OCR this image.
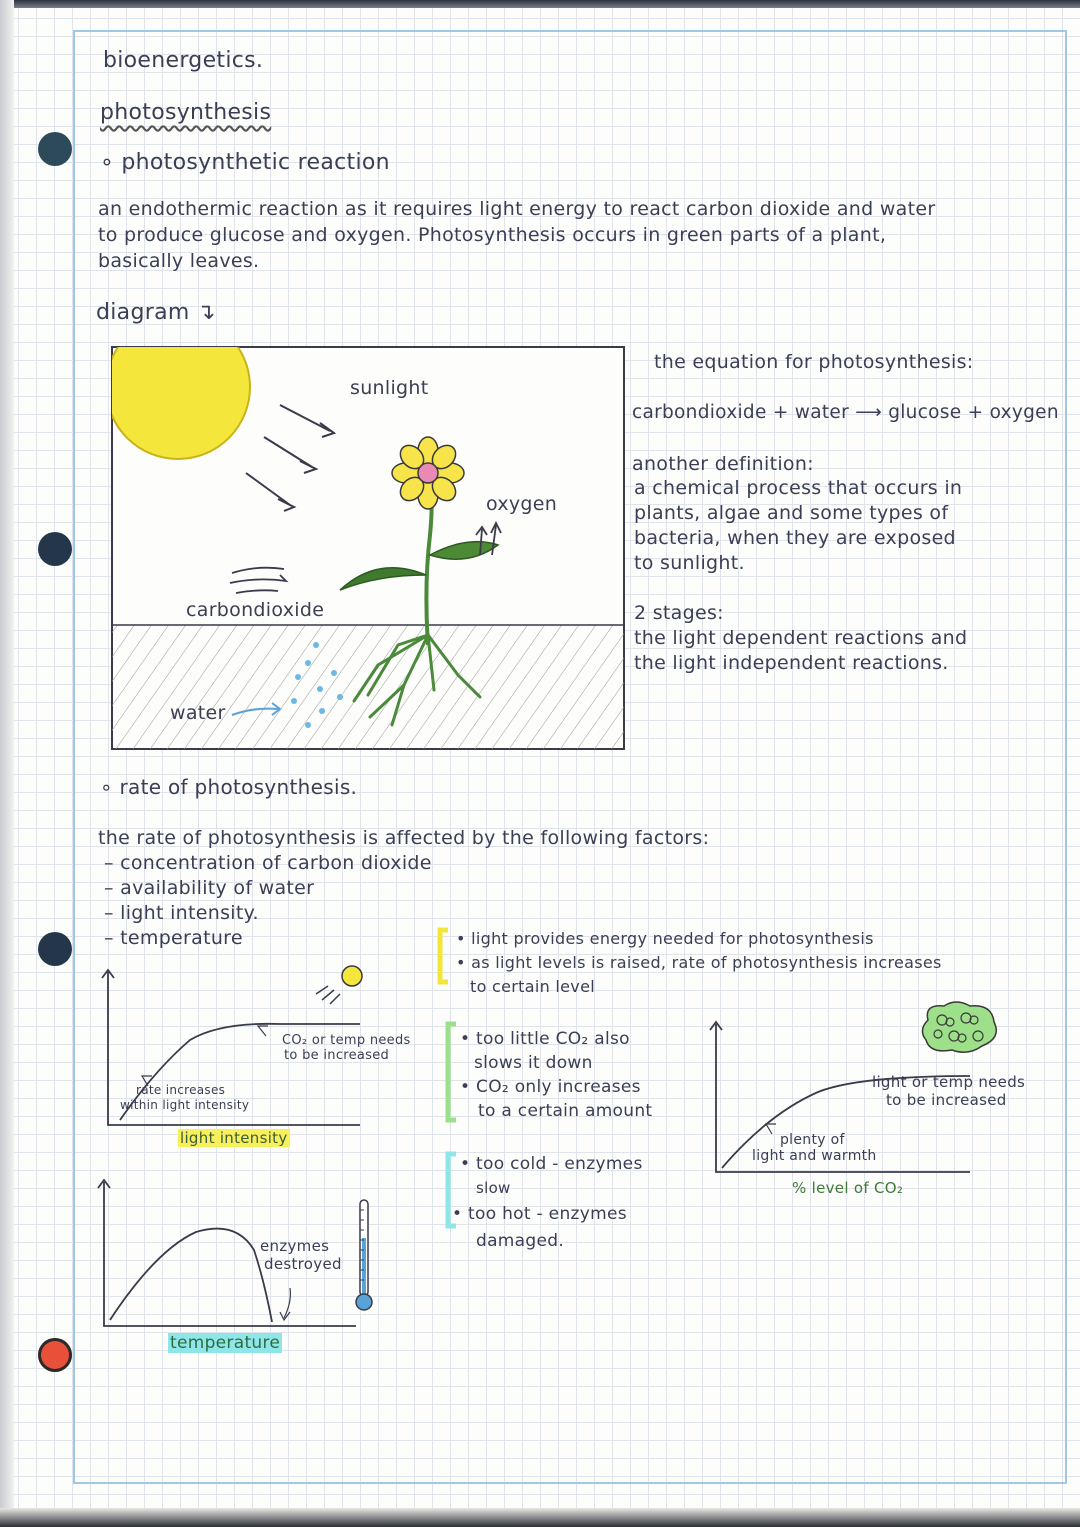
bioenergetics.
photosynthesis
∘ photosynthetic reaction
an endothermic reaction as it requires light energy to react carbon dioxide and water
to produce glucose and oxygen. Photosynthesis occurs in green parts of a plant,
basically leaves.
diagram ↴
sunlight
oxygen
carbondioxide
water
the equation for photosynthesis:
carbondioxide + water ⟶ glucose + oxygen
another definition:
a chemical process that occurs in
plants, algae and some types of
bacteria, when they are exposed
to sunlight.
2 stages:
the light dependent reactions and
the light independent reactions.
∘ rate of photosynthesis.
the rate of photosynthesis is affected by the following factors:
– concentration of carbon dioxide
– availability of water
– light intensity.
– temperature	• light provides energy needed for photosynthesis
• as light levels is raised, rate of photosynthesis increases
to certain level
• too little CO₂ also
slows it down
• CO₂ only increases
to a certain amount
• too cold - enzymes
slow
• too hot - enzymes
damaged.
CO₂ or temp needs
to be increased
rate increases
within light intensity
light intensity
enzymes
destroyed
temperature
light or temp needs
to be increased
plenty of
light and warmth
% level of CO₂
